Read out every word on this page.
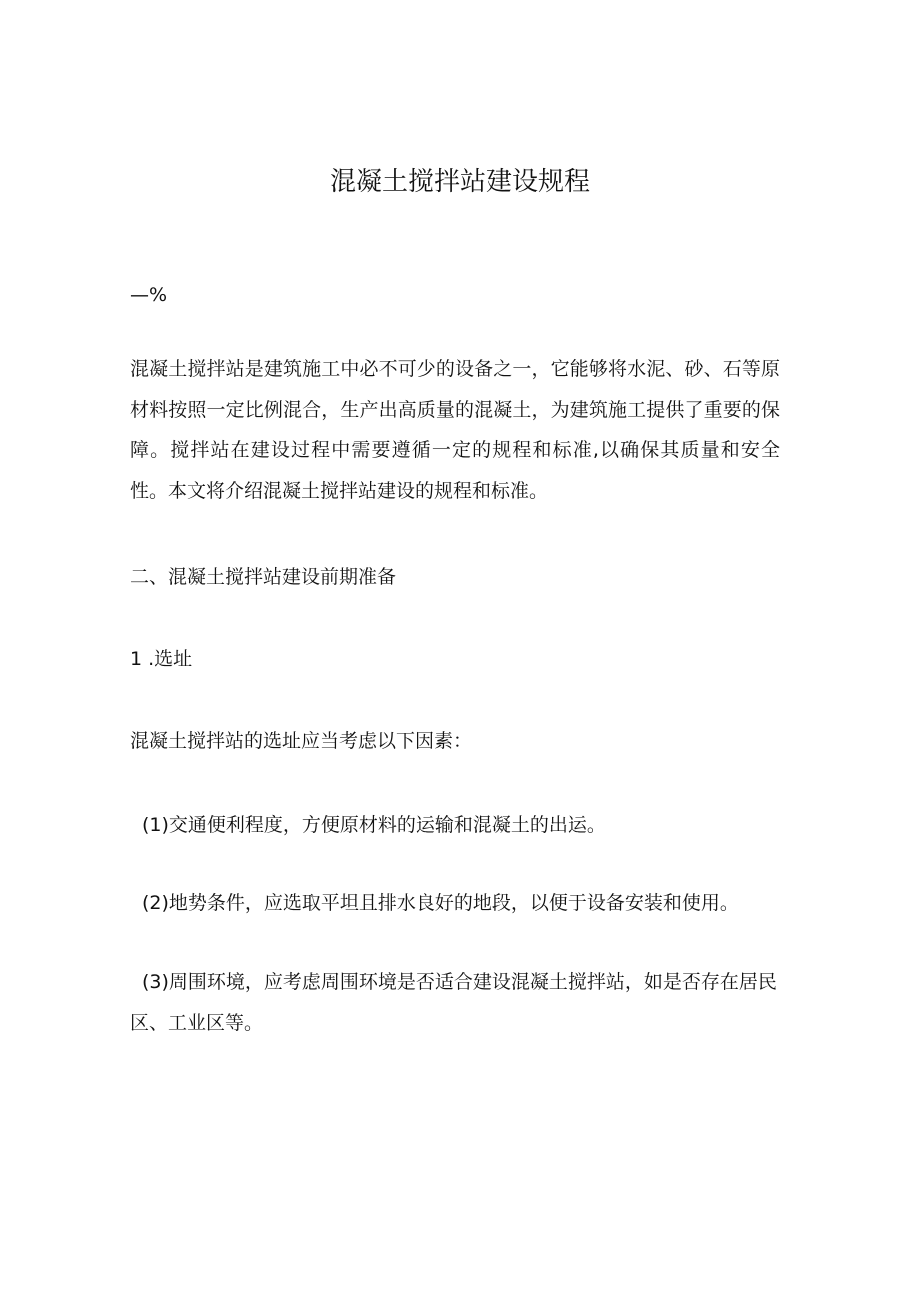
混凝土搅拌站建设规程

—%

混凝土搅拌站是建筑施工中必不可少的设备之一，它能够将水泥、砂、石等原材料按照一定比例混合，生产出高质量的混凝土，为建筑施工提供了重要的保障。搅拌站在建设过程中需要遵循一定的规程和标准,以确保其质量和安全性。本文将介绍混凝土搅拌站建设的规程和标准。

二、混凝土搅拌站建设前期准备

1 .选址

混凝土搅拌站的选址应当考虑以下因素：

(1)交通便利程度，方便原材料的运输和混凝土的出运。

(2)地势条件，应选取平坦且排水良好的地段，以便于设备安装和使用。

(3)周围环境，应考虑周围环境是否适合建设混凝土搅拌站，如是否存在居民区、工业区等。
